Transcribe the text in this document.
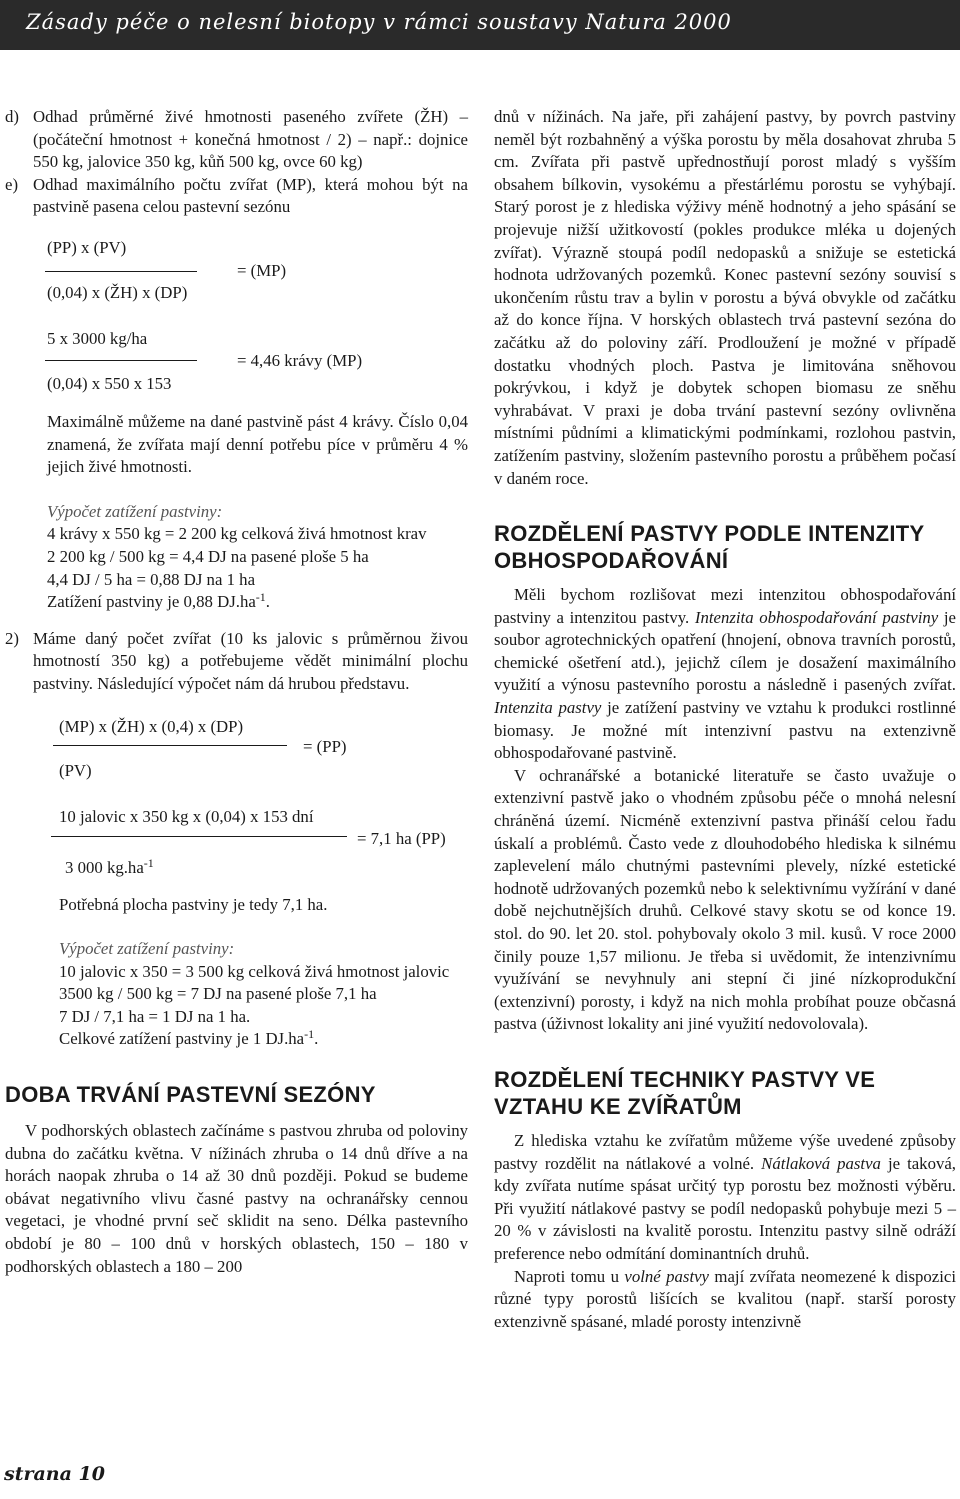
Zásady péče o nelesní biotopy v rámci soustavy Natura 2000
d) Odhad průměrné živé hmotnosti paseného zvířete (ŽH) – (počáteční hmotnost + konečná hmotnost / 2) – např.: dojnice 550 kg, jalovice 350 kg, kůň 500 kg, ovce 60 kg)
e) Odhad maximálního počtu zvířat (MP), která mohou být na pastvině pasena celou pastevní sezónu
(PP) x (PV)
= (MP)
(0,04) x (ŽH) x (DP)
5 x 3000 kg/ha
= 4,46 krávy (MP)
(0,04) x 550 x 153

Maximálně můžeme na dané pastvině pást 4 krávy. Číslo 0,04 znamená, že zvířata mají denní potřebu píce v průměru 4 % jejich živé hmotnosti.

Výpočet zatížení pastviny:
4 krávy x 550 kg = 2 200 kg celková živá hmotnost krav
2 200 kg / 500 kg = 4,4 DJ na pasené ploše 5 ha
4,4 DJ / 5 ha = 0,88 DJ na 1 ha
Zatížení pastviny je 0,88 $DJ.ha^{-1}$.
2) Máme daný počet zvířat (10 ks jalovic s průměrnou živou hmotností 350 kg) a potřebujeme vědět minimální plochu pastviny. Následující výpočet nám dá hrubou představu.
(MP) x (ŽH) x (0,4) x (DP)
= (PP)
(PV)
10 jalovic x 350 kg x (0,04) x 153 dní
= 7,1 ha (PP)
3 000 $kg.ha^{-1}$

Potřebná plocha pastviny je tedy 7,1 ha.

Výpočet zatížení pastviny:
10 jalovic x 350 = 3 500 kg celková živá hmotnost jalovic
3500 kg / 500 kg = 7 DJ na pasené ploše 7,1 ha
7 DJ / 7,1 ha = 1 DJ na 1 ha.
Celkové zatížení pastviny je 1 $DJ.ha^{-1}$.
DOBA TRVÁNÍ PASTEVNÍ SEZÓNY

V podhorských oblastech začínáme s pastvou zhruba od poloviny dubna do začátku května. V nížinách zhruba o 14 dnů dříve a na horách naopak zhruba o 14 až 30 dnů později. Pokud se budeme obávat negativního vlivu časné pastvy na ochranářsky cennou vegetaci, je vhodné první seč sklidit na seno. Délka pastevního období je 80 – 100 dnů v horských oblastech, 150 – 180 v podhorských oblastech a 180 – 200

dnů v nížinách. Na jaře, při zahájení pastvy, by povrch pastviny neměl být rozbahněný a výška porostu by měla dosahovat zhruba 5 cm. Zvířata při pastvě upřednostňují porost mladý s vyšším obsahem bílkovin, vysokému a přestárlému porostu se vyhýbají. Starý porost je z hlediska výživy méně hodnotný a jeho spásání se projevuje nižší užitkovostí (pokles produkce mléka u dojených zvířat). Výrazně stoupá podíl nedopasků a snižuje se estetická hodnota udržovaných pozemků. Konec pastevní sezóny souvisí s ukončením růstu trav a bylin v porostu a bývá obvykle od začátku až do konce října. V horských oblastech trvá pastevní sezóna do začátku až do poloviny září. Prodloužení je možné v případě dostatku vhodných ploch. Pastva je limitována sněhovou pokrývkou, i když je dobytek schopen biomasu ze sněhu vyhrabávat. V praxi je doba trvání pastevní sezóny ovlivněna místními půdními a klimatickými podmínkami, rozlohou pastvin, zatížením pastviny, složením pastevního porostu a průběhem počasí v daném roce.

ROZDĚLENÍ PASTVY PODLE INTENZITY OBHOSPODAŘOVÁNÍ

Měli bychom rozlišovat mezi intenzitou obhospodařování pastviny a intenzitou pastvy. Intenzita obhospodařování pastviny je soubor agrotechnických opatření (hnojení, obnova travních porostů, chemické ošetření atd.), jejichž cílem je dosažení maximálního využití a výnosu pastevního porostu a následně i pasených zvířat. Intenzita pastvy je zatížení pastviny ve vztahu k produkci rostlinné biomasy. Je možné mít intenzivní pastvu na extenzivně obhospodařované pastvině.

V ochranářské a botanické literatuře se často uvažuje o extenzivní pastvě jako o vhodném způsobu péče o mnohá nelesní chráněná území. Nicméně extenzivní pastva přináší celou řadu úskalí a problémů. Často vede z dlouhodobého hlediska k silnému zaplevelení málo chutnými pastevními plevely, nízké estetické hodnotě udržovaných pozemků nebo k selektivnímu vyžírání v dané době nejchutnějších druhů. Celkové stavy skotu se od konce 19. stol. do 90. let 20. stol. pohybovaly okolo 3 mil. kusů. V roce 2000 činily pouze 1,57 milionu. Je třeba si uvědomit, že intenzivnímu využívání se nevyhnuly ani stepní či jiné nízkoprodukční (extenzivní) porosty, i když na nich mohla probíhat pouze občasná pastva (úživnost lokality ani jiné využití nedovolovala).

ROZDĚLENÍ TECHNIKY PASTVY VE VZTAHU KE ZVÍŘATŮM

Z hlediska vztahu ke zvířatům můžeme výše uvedené způsoby pastvy rozdělit na nátlakové a volné. Nátlaková pastva je taková, kdy zvířata nutíme spásat určitý typ porostu bez možnosti výběru. Při využití nátlakové pastvy se podíl nedopasků pohybuje mezi 5 – 20 % v závislosti na kvalitě porostu. Intenzitu pastvy silně odráží preference nebo odmítání dominantních druhů.

Naproti tomu u volné pastvy mají zvířata neomezené k dispozici různé typy porostů lišících se kvalitou (např. starší porosty extenzivně spásané, mladé porosty intenzivně

strana 10
